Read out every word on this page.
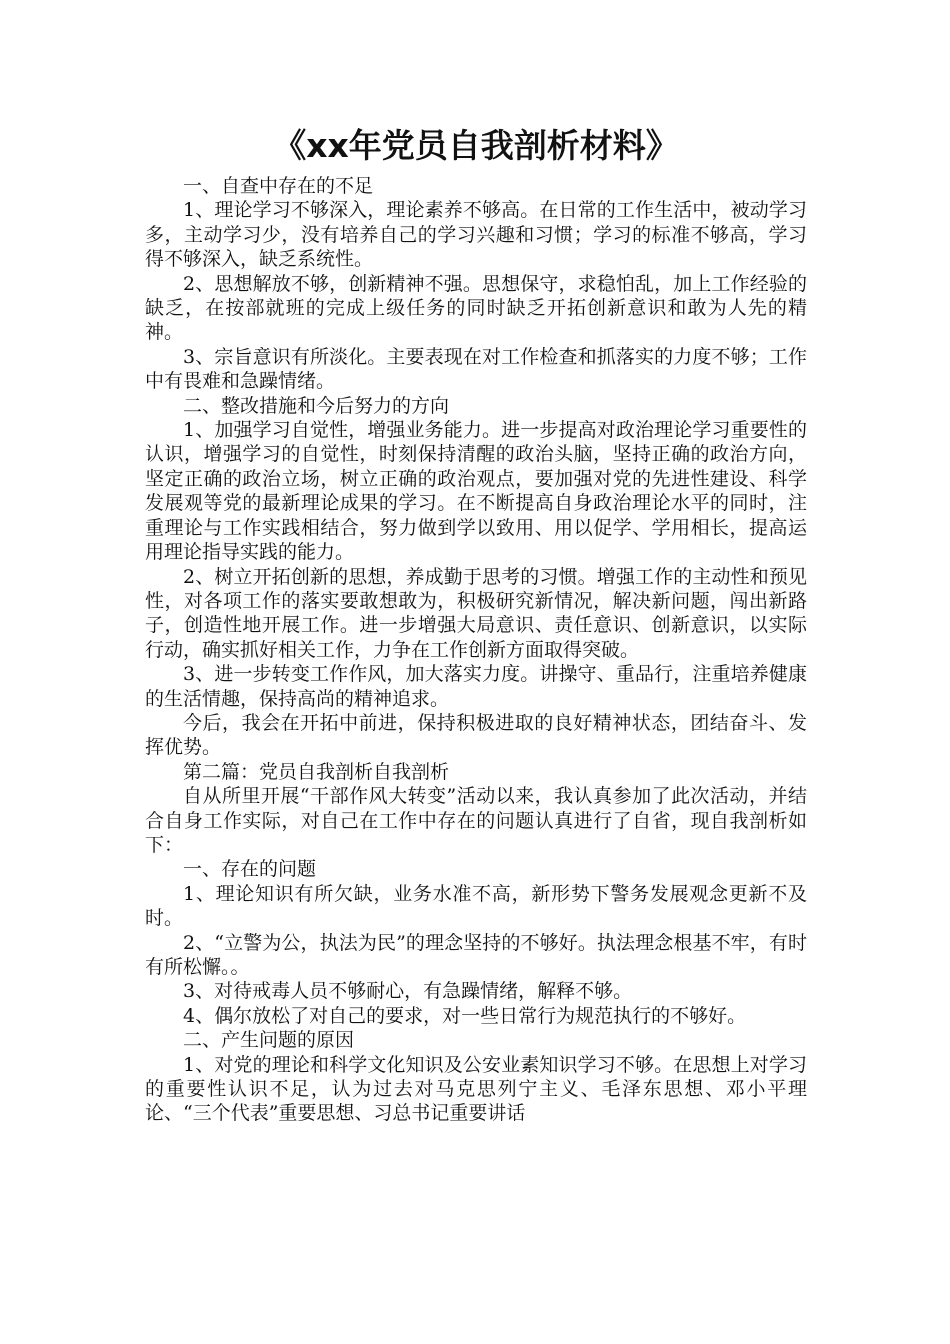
《xx年党员自我剖析材料》

一、自查中存在的不足

1、理论学习不够深入，理论素养不够高。在日常的工作生活中，被动学习多，主动学习少，没有培养自己的学习兴趣和习惯；学习的标准不够高，学习得不够深入，缺乏系统性。

2、思想解放不够，创新精神不强。思想保守，求稳怕乱，加上工作经验的缺乏，在按部就班的完成上级任务的同时缺乏开拓创新意识和敢为人先的精神。

3、宗旨意识有所淡化。主要表现在对工作检查和抓落实的力度不够；工作中有畏难和急躁情绪。

二、整改措施和今后努力的方向

1、加强学习自觉性，增强业务能力。进一步提高对政治理论学习重要性的认识，增强学习的自觉性，时刻保持清醒的政治头脑，坚持正确的政治方向，坚定正确的政治立场，树立正确的政治观点，要加强对党的先进性建设、科学发展观等党的最新理论成果的学习。在不断提高自身政治理论水平的同时，注重理论与工作实践相结合，努力做到学以致用、用以促学、学用相长，提高运用理论指导实践的能力。

2、树立开拓创新的思想，养成勤于思考的习惯。增强工作的主动性和预见性，对各项工作的落实要敢想敢为，积极研究新情况，解决新问题，闯出新路子，创造性地开展工作。进一步增强大局意识、责任意识、创新意识，以实际行动，确实抓好相关工作，力争在工作创新方面取得突破。

3、进一步转变工作作风，加大落实力度。讲操守、重品行，注重培养健康的生活情趣，保持高尚的精神追求。

今后，我会在开拓中前进，保持积极进取的良好精神状态，团结奋斗、发挥优势。

第二篇：党员自我剖析自我剖析

自从所里开展“干部作风大转变”活动以来，我认真参加了此次活动，并结合自身工作实际，对自己在工作中存在的问题认真进行了自省，现自我剖析如下：

一、存在的问题

1、理论知识有所欠缺，业务水准不高，新形势下警务发展观念更新不及时。

2、“立警为公，执法为民”的理念坚持的不够好。执法理念根基不牢，有时有所松懈。。

3、对待戒毒人员不够耐心，有急躁情绪，解释不够。

4、偶尔放松了对自己的要求，对一些日常行为规范执行的不够好。

二、产生问题的原因

1、对党的理论和科学文化知识及公安业素知识学习不够。在思想上对学习的重要性认识不足，认为过去对马克思列宁主义、毛泽东思想、邓小平理论、“三个代表”重要思想、习总书记重要讲话
